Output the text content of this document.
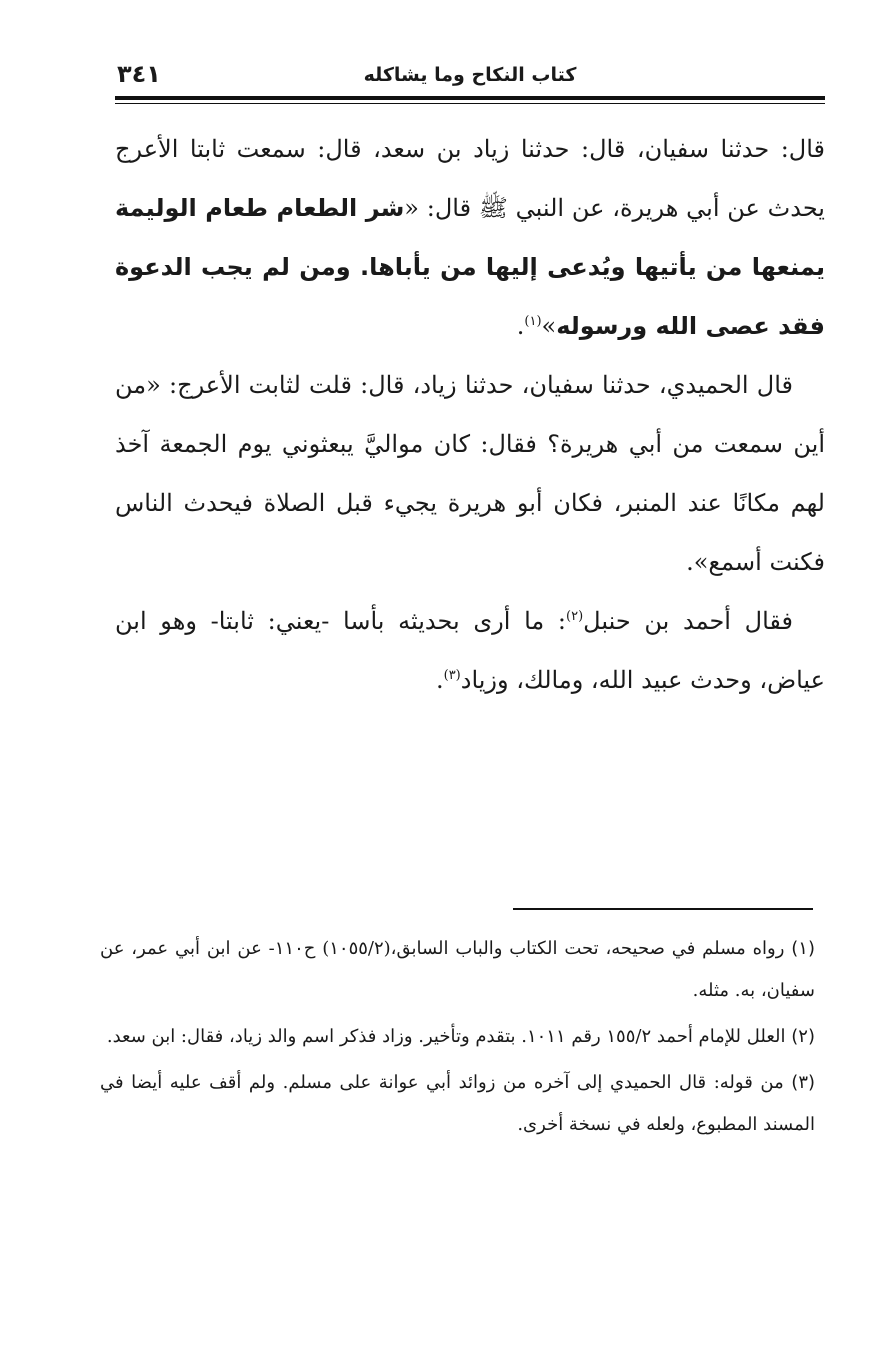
٣٤١	كتاب النكاح وما يشاكله

قال: حدثنا سفيان، قال: حدثنا زياد بن سعد، قال: سمعت ثابتا الأعرج يحدث عن أبي هريرة، عن النبي ﷺ قال: «شر الطعام طعام الوليمة يمنعها من يأتيها ويُدعى إليها من يأباها. ومن لم يجب الدعوة فقد عصى الله ورسوله»$^{(١)}$.

قال الحميدي، حدثنا سفيان، حدثنا زياد، قال: قلت لثابت الأعرج: «من أين سمعت من أبي هريرة؟ فقال: كان مواليَّ يبعثوني يوم الجمعة آخذ لهم مكانًا عند المنبر، فكان أبو هريرة يجيء قبل الصلاة فيحدث الناس فكنت أسمع».

فقال أحمد بن حنبل$^{(٢)}$: ما أرى بحديثه بأسا -يعني: ثابتا- وهو ابن عياض، وحدث عبيد الله، ومالك، وزياد$^{(٣)}$.

(١) رواه مسلم في صحيحه، تحت الكتاب والباب السابق،(١٠٥٥/٢) ح١١٠- عن ابن أبي عمر، عن سفيان، به. مثله.

(٢) العلل للإمام أحمد ١٥٥/٢ رقم ١٠١١. بتقدم وتأخير. وزاد فذكر اسم والد زياد، فقال: ابن سعد.

(٣) من قوله: قال الحميدي إلى آخره من زوائد أبي عوانة على مسلم. ولم أقف عليه أيضا في المسند المطبوع، ولعله في نسخة أخرى.
